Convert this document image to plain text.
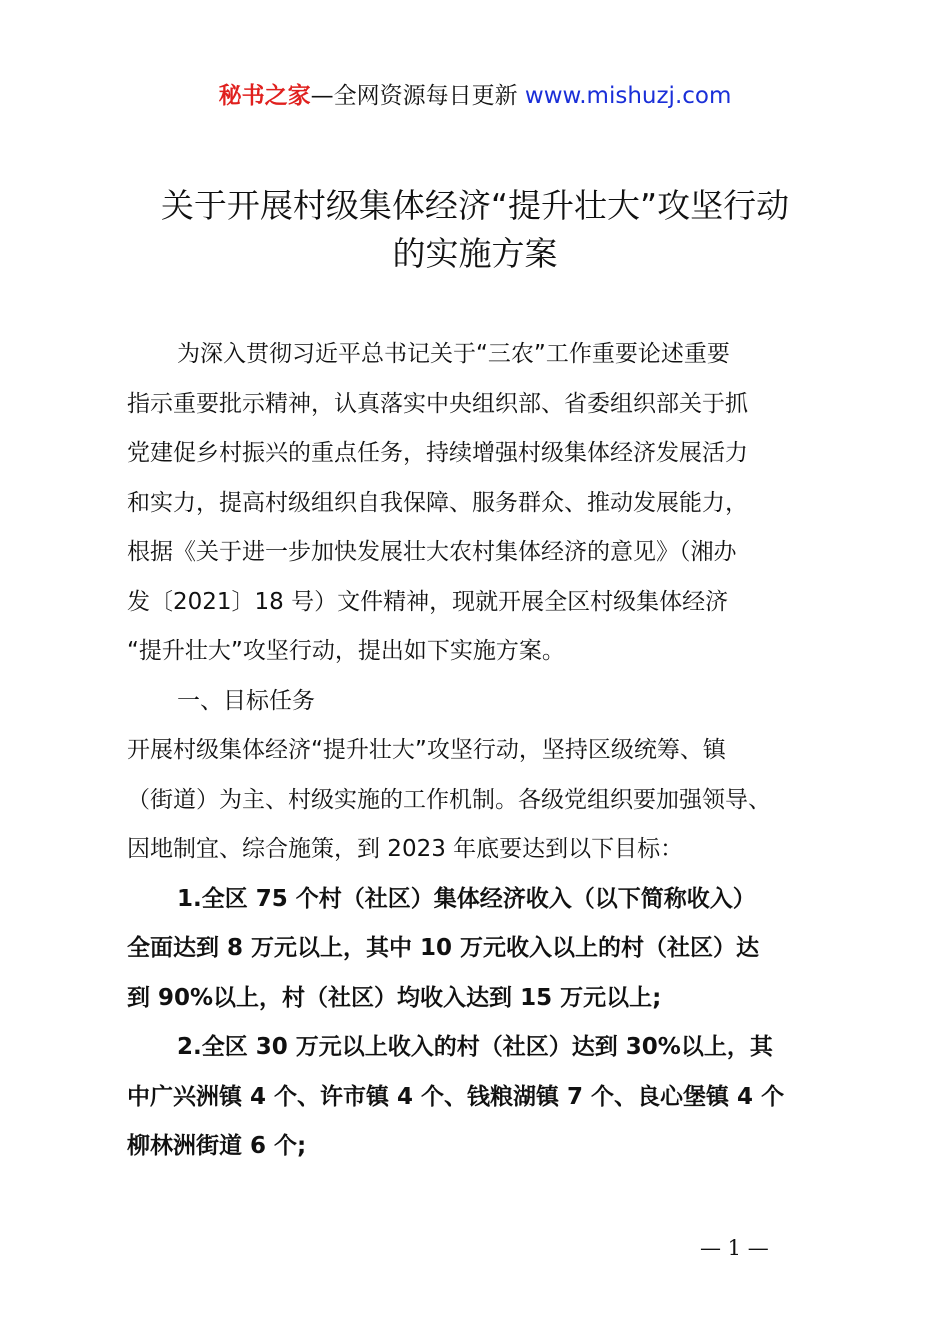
秘书之家—全网资源每日更新 www.mishuzj.com
关于开展村级集体经济“提升壮大”攻坚行动
的实施方案
为深入贯彻习近平总书记关于“三农”工作重要论述重要
指示重要批示精神，认真落实中央组织部、省委组织部关于抓
党建促乡村振兴的重点任务，持续增强村级集体经济发展活力
和实力，提高村级组织自我保障、服务群众、推动发展能力，
根据《关于进一步加快发展壮大农村集体经济的意见》（湘办
发〔2021〕18 号）文件精神，现就开展全区村级集体经济
“提升壮大”攻坚行动，提出如下实施方案。
一、目标任务
开展村级集体经济“提升壮大”攻坚行动，坚持区级统筹、镇
（街道）为主、村级实施的工作机制。各级党组织要加强领导、
因地制宜、综合施策，到 2023 年底要达到以下目标：
1.全区 75 个村（社区）集体经济收入（以下简称收入）
全面达到 8 万元以上，其中 10 万元收入以上的村（社区）达
到 90%以上，村（社区）均收入达到 15 万元以上;
2.全区 30 万元以上收入的村（社区）达到 30%以上，其
中广兴洲镇 4 个、许市镇 4 个、钱粮湖镇 7 个、良心堡镇 4 个
柳林洲街道 6 个;
— 1 —
